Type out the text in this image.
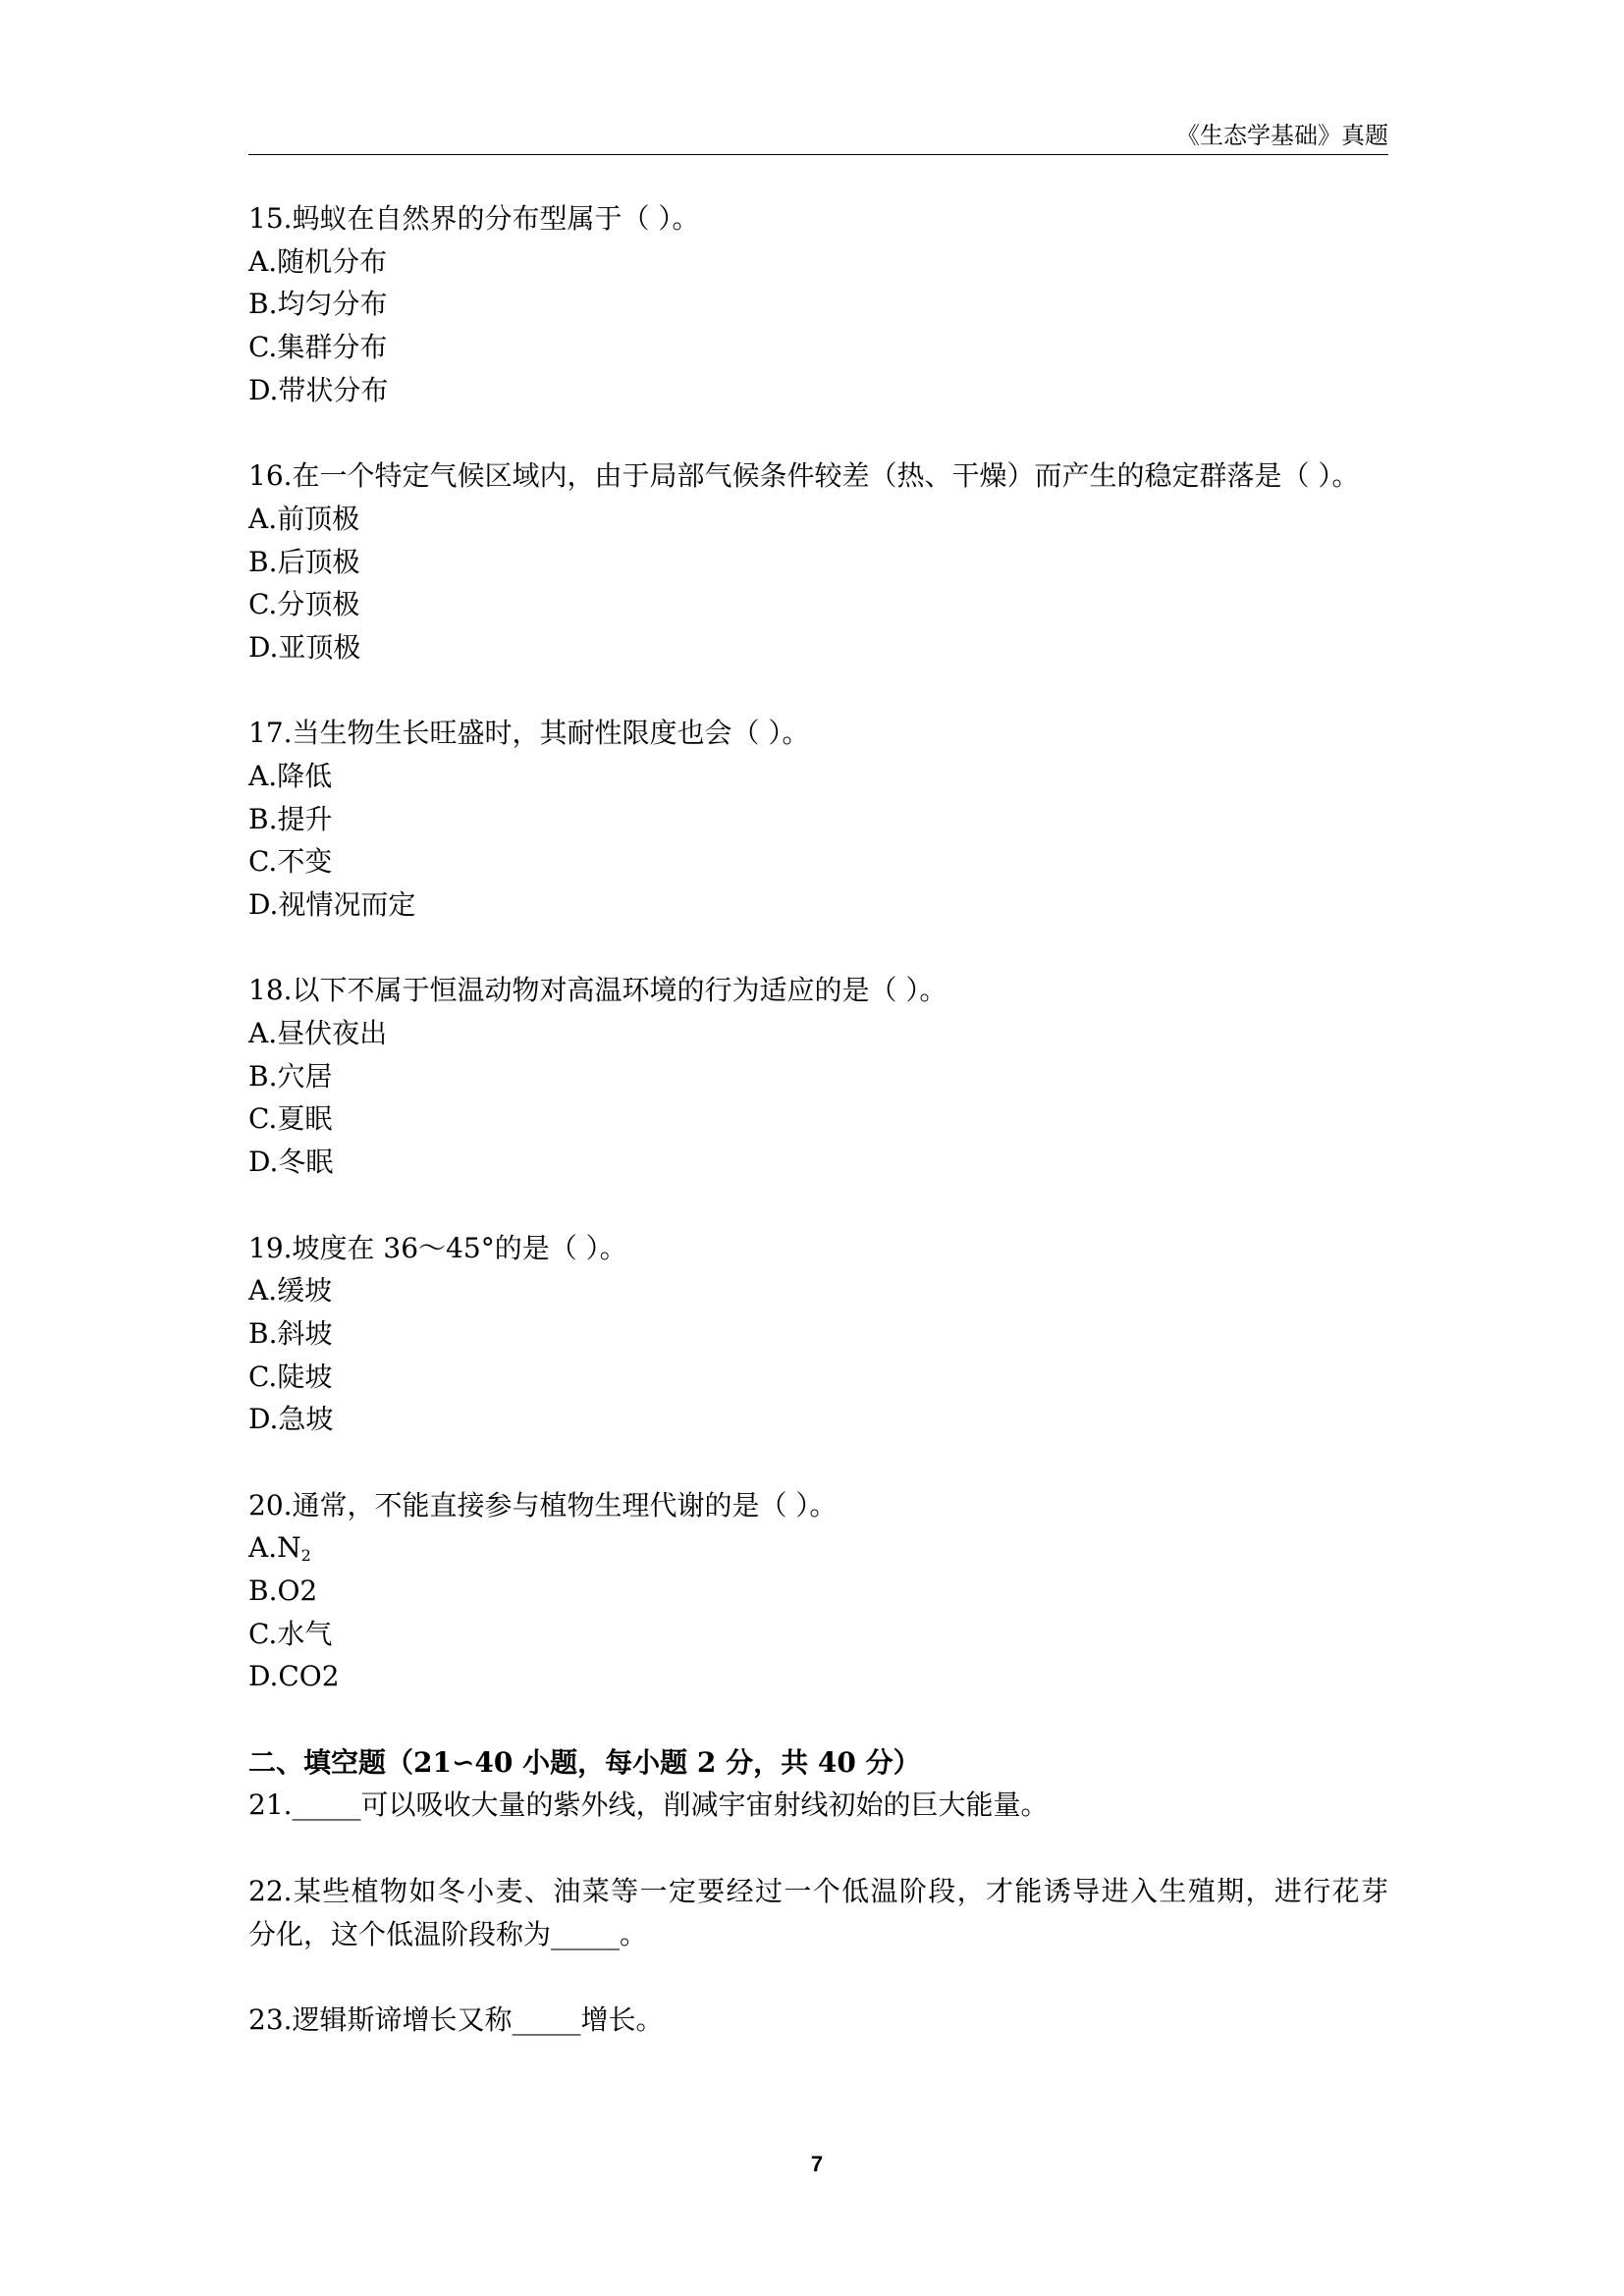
《生态学基础》真题
15.蚂蚁在自然界的分布型属于（ ）。
A.随机分布
B.均匀分布
C.集群分布
D.带状分布
16.在一个特定气候区域内，由于局部气候条件较差（热、干燥）而产生的稳定群落是（ ）。
A.前顶极
B.后顶极
C.分顶极
D.亚顶极
17.当生物生长旺盛时，其耐性限度也会（ ）。
A.降低
B.提升
C.不变
D.视情况而定
18.以下不属于恒温动物对高温环境的行为适应的是（ ）。
A.昼伏夜出
B.穴居
C.夏眠
D.冬眠
19.坡度在 36～45°的是（ ）。
A.缓坡
B.斜坡
C.陡坡
D.急坡
20.通常，不能直接参与植物生理代谢的是（ ）。
$A.N_2$
B.O2
C.水气
D.CO2
二、填空题（21∽40 小题，每小题 2 分，共 40 分）
21._____可以吸收大量的紫外线，削减宇宙射线初始的巨大能量。
22.某些植物如冬小麦、油菜等一定要经过一个低温阶段，才能诱导进入生殖期，进行花芽
分化，这个低温阶段称为_____。
23.逻辑斯谛增长又称_____增长。
7
